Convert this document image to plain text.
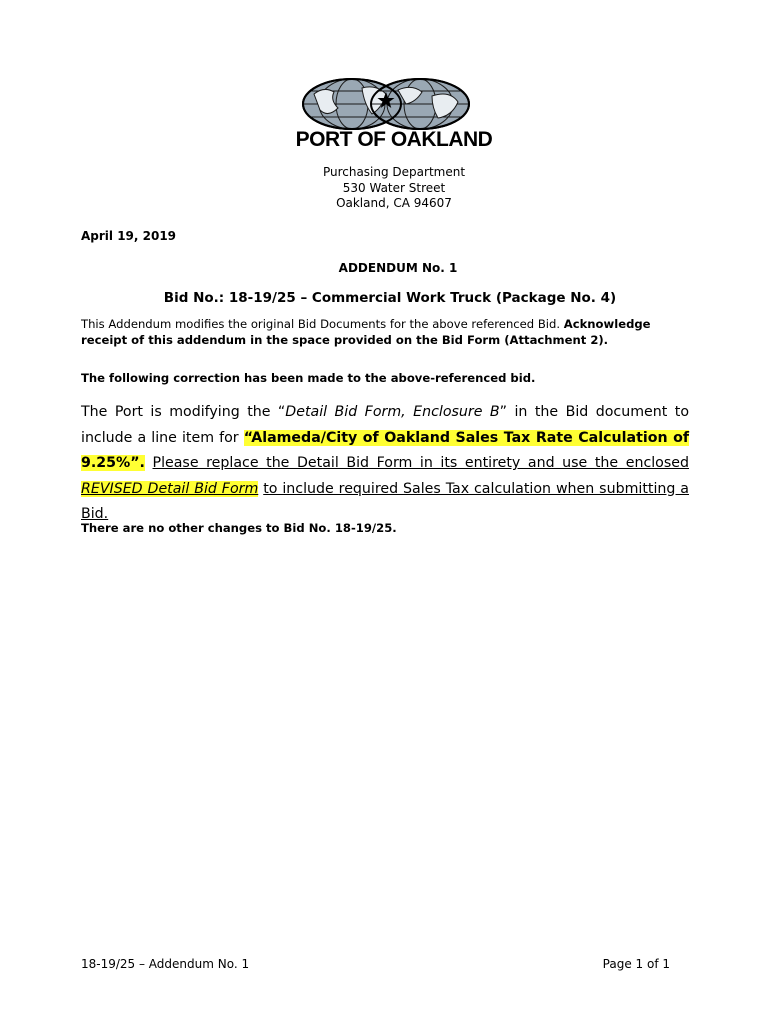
PORT OF OAKLAND
Purchasing Department
530 Water Street
Oakland, CA 94607
April 19, 2019
ADDENDUM No. 1
Bid No.: 18-19/25 – Commercial Work Truck (Package No. 4)
This Addendum modifies the original Bid Documents for the above referenced Bid. Acknowledge receipt of this addendum in the space provided on the Bid Form (Attachment 2).
The following correction has been made to the above-referenced bid.
The Port is modifying the “Detail Bid Form, Enclosure B” in the Bid document to include a line item for “Alameda/City of Oakland Sales Tax Rate Calculation of 9.25%”. Please replace the Detail Bid Form in its entirety and use the enclosed REVISED Detail Bid Form to include required Sales Tax calculation when submitting a Bid.
There are no other changes to Bid No. 18-19/25.
18-19/25 – Addendum No. 1	Page 1 of 1
